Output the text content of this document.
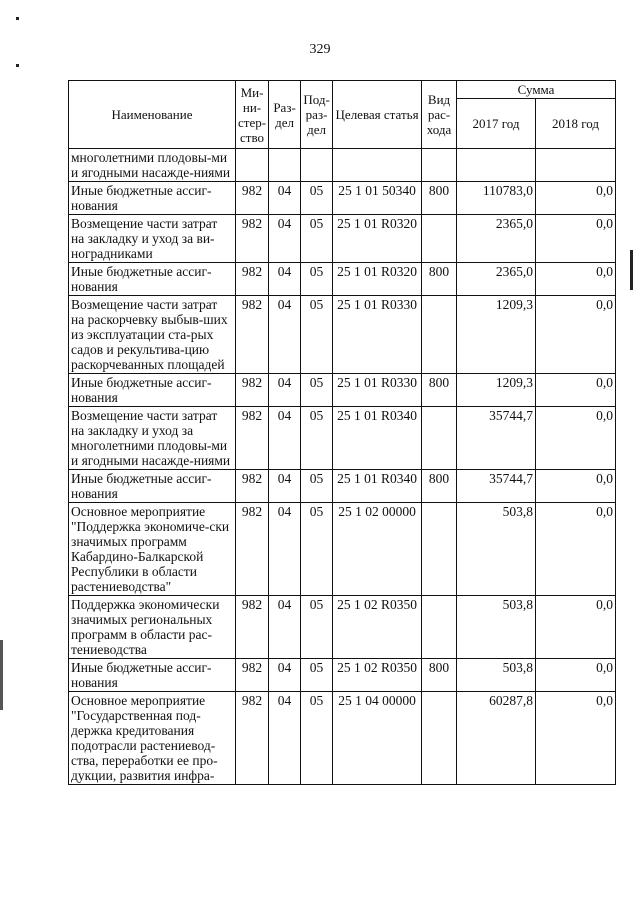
329
Наименование	Ми-ни-стер-ство	Раз-дел	Под-раз-дел	Целевая статья	Вид рас-хода	Сумма	
						2017 год	2018 год
многолетними плодовы-ми и ягодными насажде-ниями							
Иные бюджетные ассиг-нования	982	04	05	25 1 01 50340	800	110783,0	0,0
Возмещение части затрат на закладку и уход за ви-ноградниками	982	04	05	25 1 01 R0320		2365,0	0,0
Иные бюджетные ассиг-нования	982	04	05	25 1 01 R0320	800	2365,0	0,0
Возмещение части затрат на раскорчевку выбыв-ших из эксплуатации ста-рых садов и рекультива-цию раскорчеванных площадей	982	04	05	25 1 01 R0330		1209,3	0,0
Иные бюджетные ассиг-нования	982	04	05	25 1 01 R0330	800	1209,3	0,0
Возмещение части затрат на закладку и уход за многолетними плодовы-ми и ягодными насажде-ниями	982	04	05	25 1 01 R0340		35744,7	0,0
Иные бюджетные ассиг-нования	982	04	05	25 1 01 R0340	800	35744,7	0,0
Основное мероприятие "Поддержка экономиче-ски значимых программ Кабардино-Балкарской Республики в области растениеводства"	982	04	05	25 1 02 00000		503,8	0,0
Поддержка экономически значимых региональных программ в области рас-тениеводства	982	04	05	25 1 02 R0350		503,8	0,0
Иные бюджетные ассиг-нования	982	04	05	25 1 02 R0350	800	503,8	0,0
Основное мероприятие "Государственная под-держка кредитования подотрасли растениевод-ства, переработки ее про-дукции, развития инфра-	982	04	05	25 1 04 00000		60287,8	0,0
